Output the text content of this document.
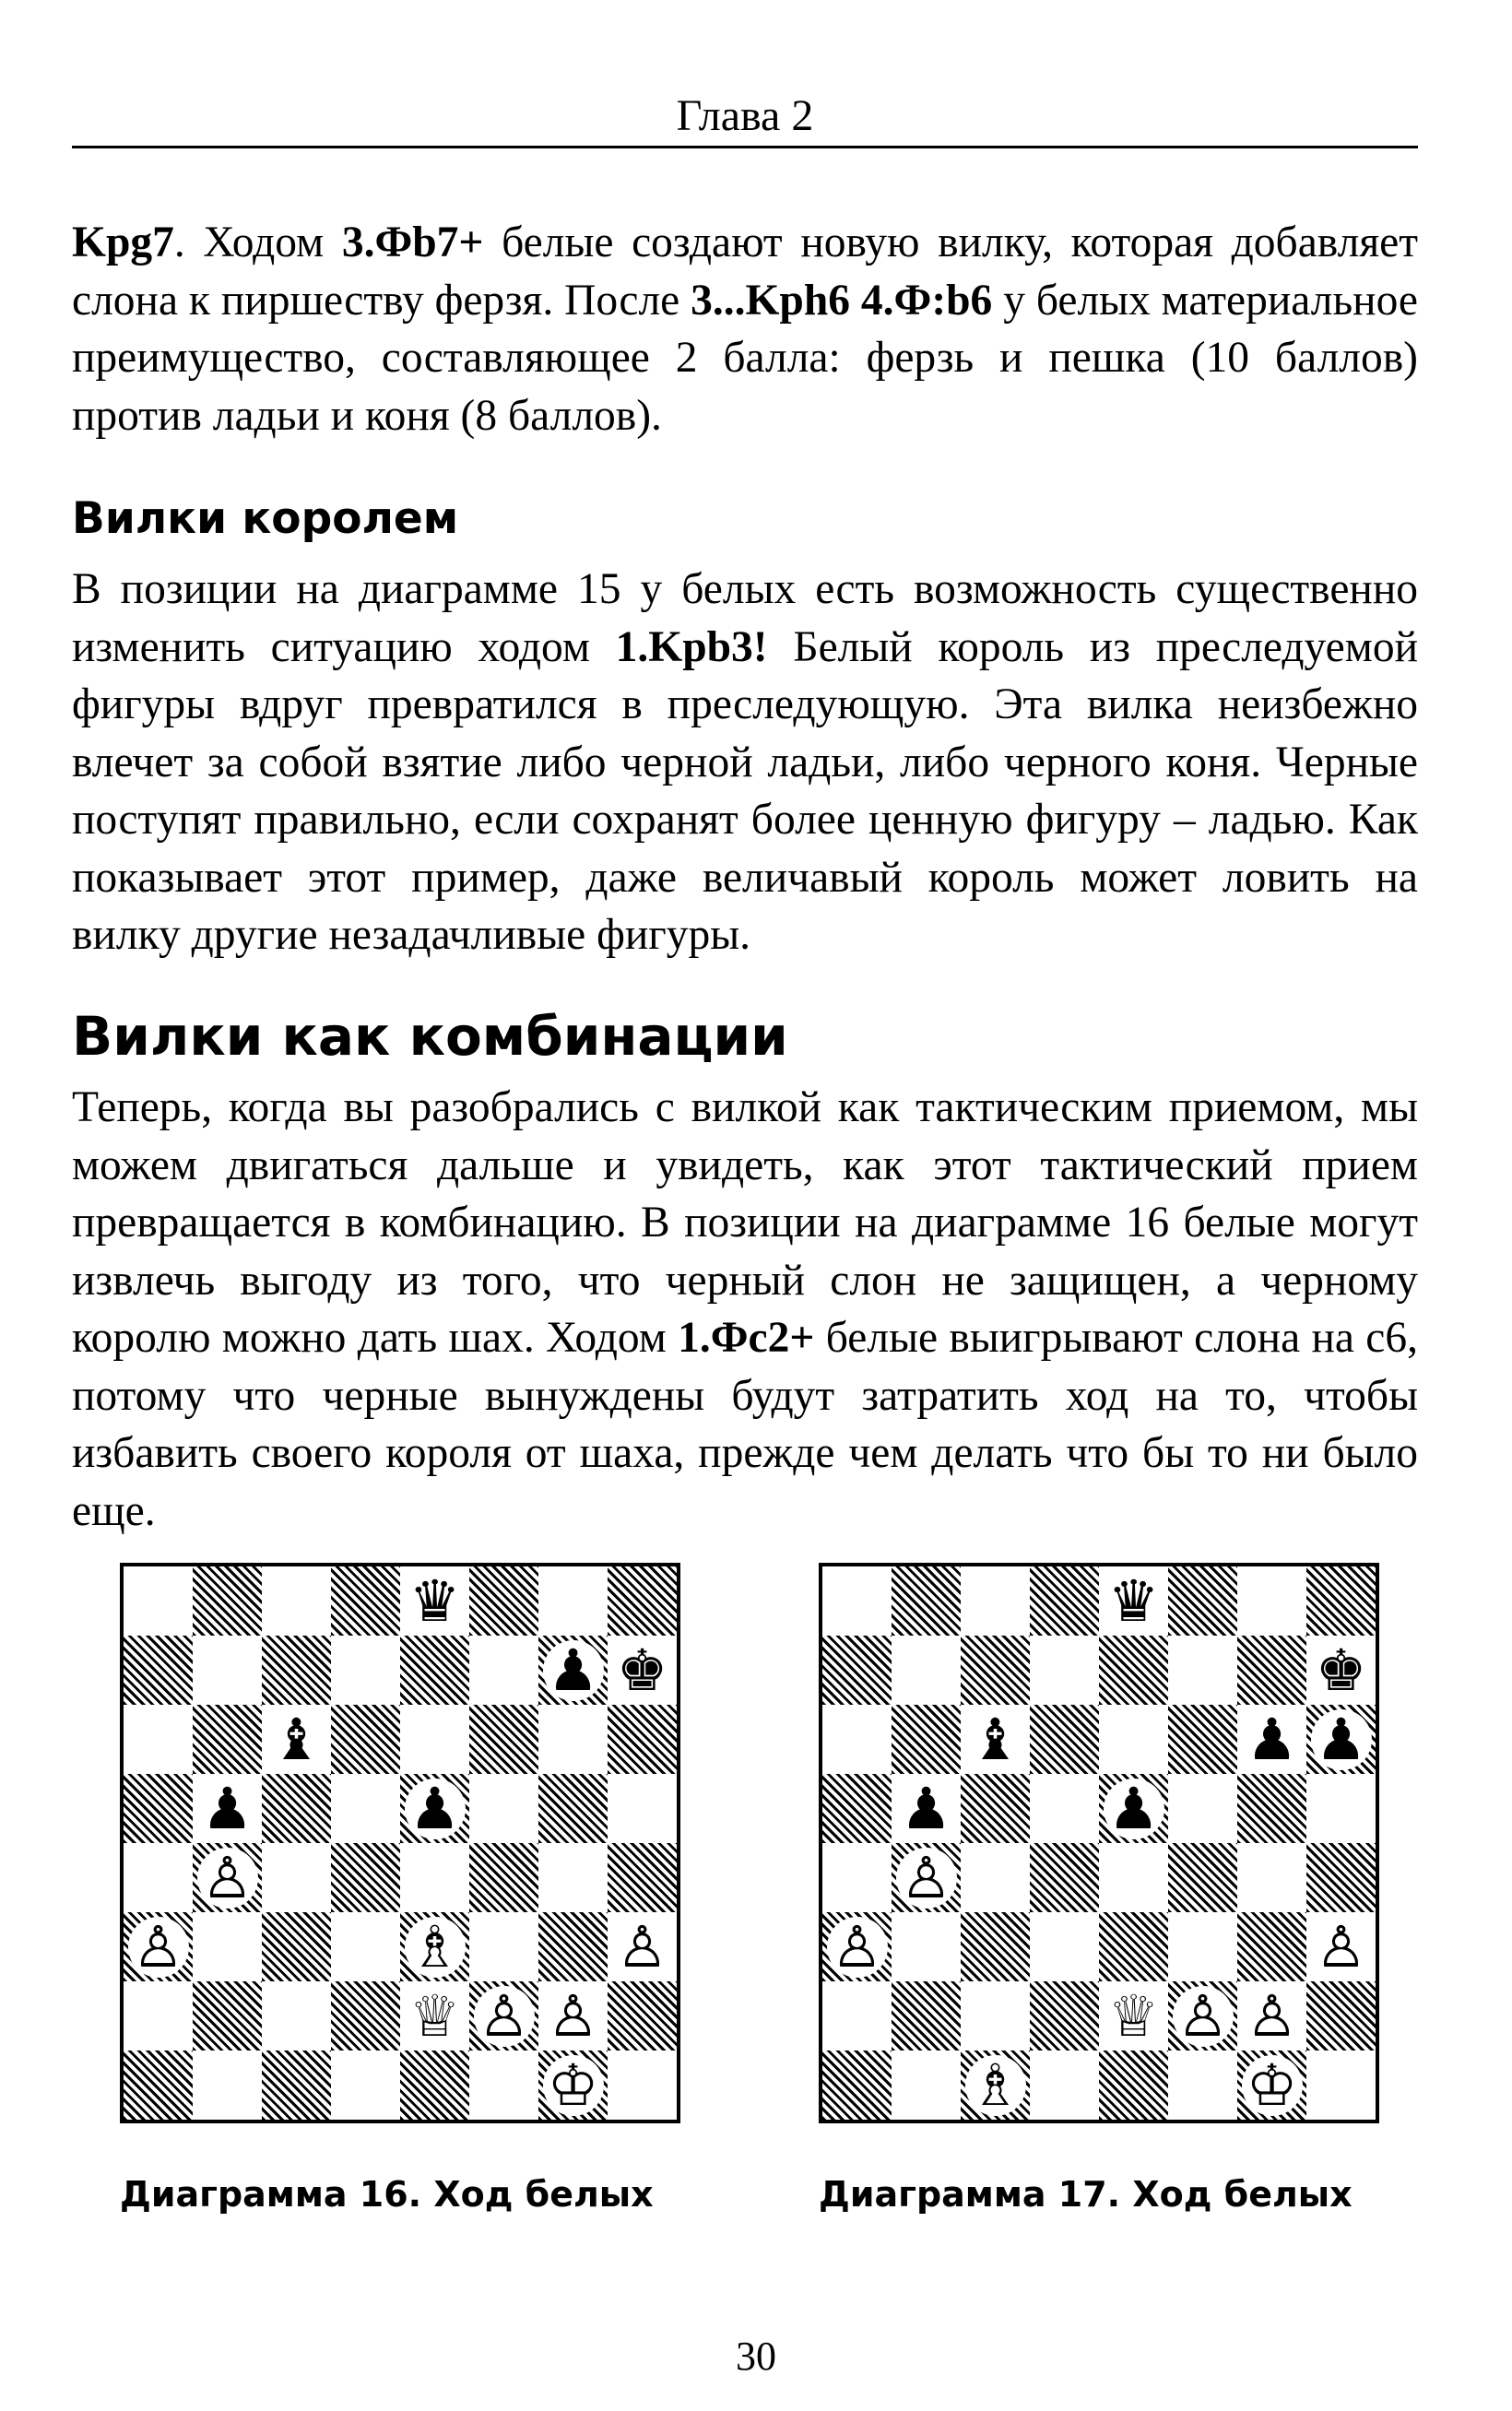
Глава 2

Kpg7. Ходом 3.Фb7+ белые создают новую вилку, которая добавляет слона к пиршеству ферзя. После 3...Kph6 4.Ф:b6 у белых материальное преимущество, составляющее 2 балла: ферзь и пешка (10 баллов) против ладьи и коня (8 баллов).

Вилки королем

В позиции на диаграмме 15 у белых есть возможность существенно изменить ситуацию ходом 1.Kpb3! Белый король из преследуемой фигуры вдруг превратился в преследующую. Эта вилка неизбежно влечет за собой взятие либо черной ладьи, либо черного коня. Черные поступят правильно, если сохранят более ценную фигуру – ладью. Как показывает этот пример, даже величавый король может ловить на вилку другие незадачливые фигуры.

Вилки как комбинации

Теперь, когда вы разобрались с вилкой как тактическим приемом, мы можем двигаться дальше и увидеть, как этот тактический прием превращается в комбинацию. В позиции на диаграмме 16 белые могут извлечь выгоду из того, что черный слон не защищен, а черному королю можно дать шах. Ходом 1.Фс2+ белые выигрывают слона на с6, потому что черные вынуждены будут затратить ход на то, чтобы избавить своего короля от шаха, прежде чем делать что бы то ни было еще.

♛
♟ ♚
♝
♟	♟
♙
♙	♗	♙
♕ ♙ ♙
♔
♛
♚
♝	♟ ♟
♟	♟
♙
♙	♙
♕ ♙ ♙
♗	♔

Диаграмма 16. Ход белых	Диаграмма 17. Ход белых

30
